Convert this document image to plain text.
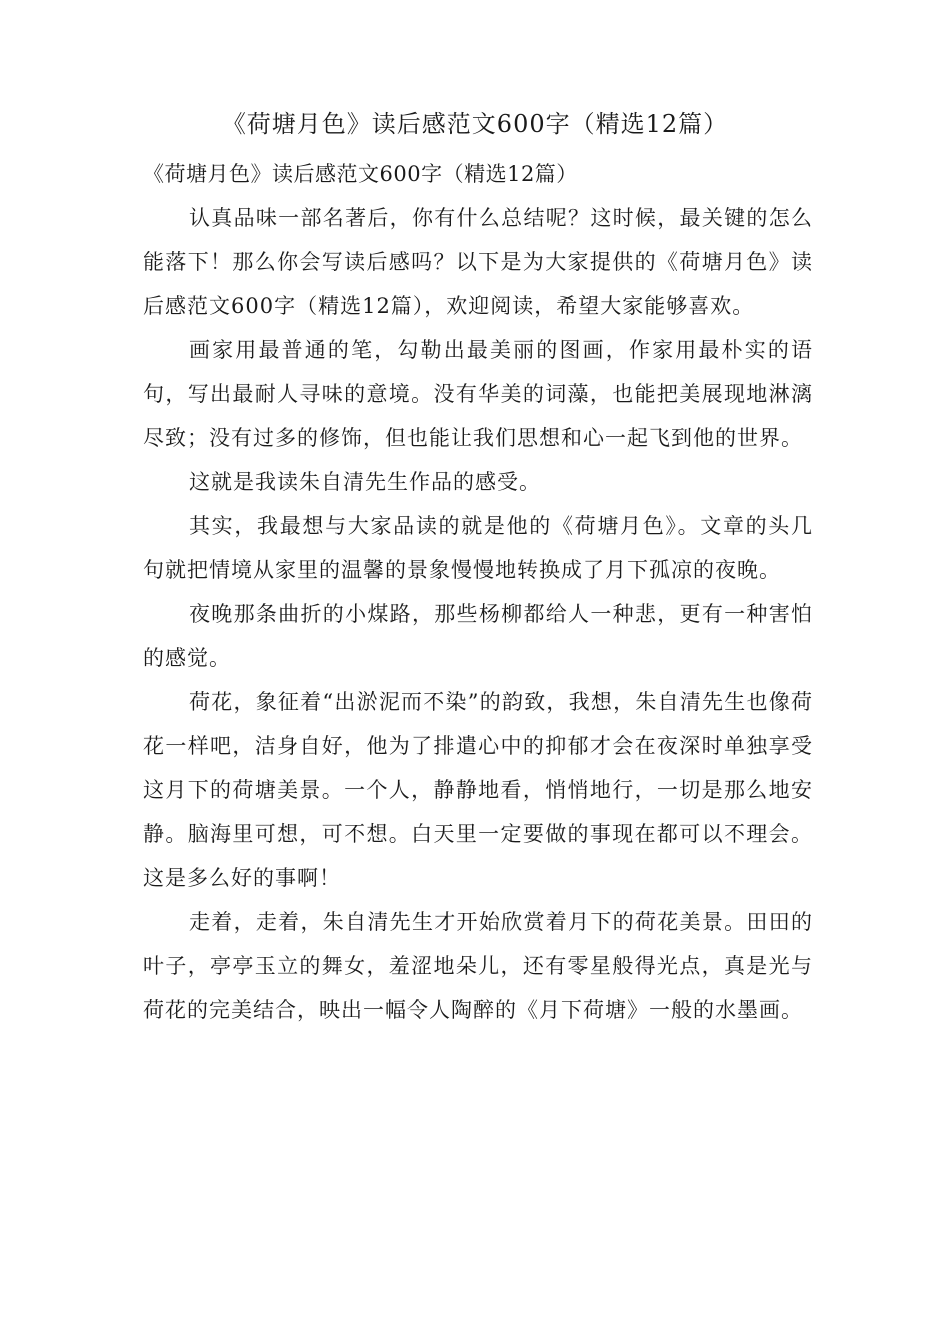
《荷塘月色》读后感范文600字（精选12篇）

《荷塘月色》读后感范文600字（精选12篇）

认真品味一部名著后，你有什么总结呢？这时候，最关键的怎么能落下！那么你会写读后感吗？以下是为大家提供的《荷塘月色》读后感范文600字（精选12篇），欢迎阅读，希望大家能够喜欢。

画家用最普通的笔，勾勒出最美丽的图画，作家用最朴实的语句，写出最耐人寻味的意境。没有华美的词藻，也能把美展现地淋漓尽致；没有过多的修饰，但也能让我们思想和心一起飞到他的世界。

这就是我读朱自清先生作品的感受。

其实，我最想与大家品读的就是他的《荷塘月色》。文章的头几句就把情境从家里的温馨的景象慢慢地转换成了月下孤凉的夜晚。

夜晚那条曲折的小煤路，那些杨柳都给人一种悲，更有一种害怕的感觉。

荷花，象征着“出淤泥而不染”的韵致，我想，朱自清先生也像荷花一样吧，洁身自好，他为了排遣心中的抑郁才会在夜深时单独享受这月下的荷塘美景。一个人，静静地看，悄悄地行，一切是那么地安静。脑海里可想，可不想。白天里一定要做的事现在都可以不理会。这是多么好的事啊！

走着，走着，朱自清先生才开始欣赏着月下的荷花美景。田田的叶子，亭亭玉立的舞女，羞涩地朵儿，还有零星般得光点，真是光与荷花的完美结合，映出一幅令人陶醉的《月下荷塘》一般的水墨画。
